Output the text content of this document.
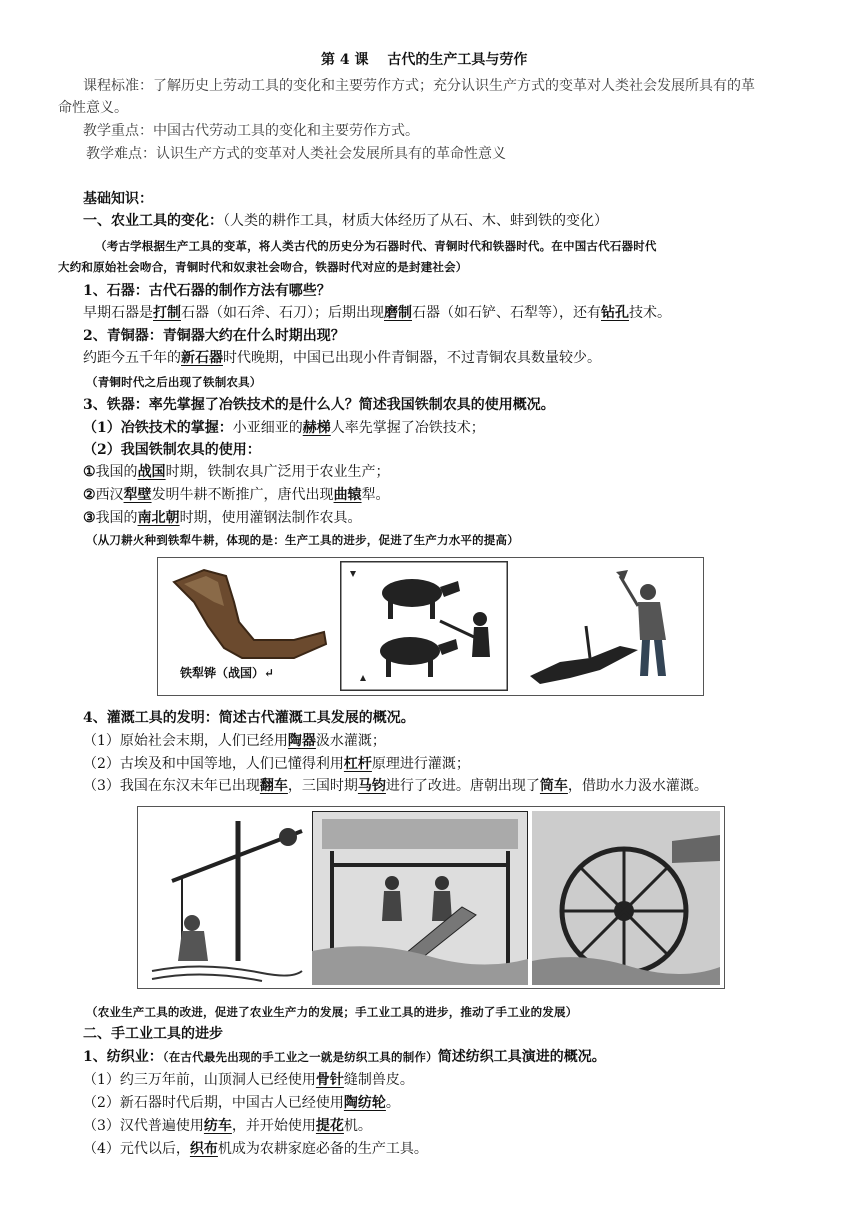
第 4 课　 古代的生产工具与劳作
课程标准：了解历史上劳动工具的变化和主要劳作方式；充分认识生产方式的变革对人类社会发展所具有的革
命性意义。
教学重点：中国古代劳动工具的变化和主要劳作方式。
教学难点：认识生产方式的变革对人类社会发展所具有的革命性意义
基础知识：
一、农业工具的变化：（人类的耕作工具，材质大体经历了从石、木、蚌到铁的变化）
（考古学根据生产工具的变革，将人类古代的历史分为石器时代、青铜时代和铁器时代。在中国古代石器时代
大约和原始社会吻合，青铜时代和奴隶社会吻合，铁器时代对应的是封建社会）
1、石器：古代石器的制作方法有哪些？
早期石器是打制石器（如石斧、石刀）；后期出现磨制石器（如石铲、石犁等），还有钻孔技术。
2、青铜器：青铜器大约在什么时期出现？
约距今五千年的新石器时代晚期，中国已出现小件青铜器，不过青铜农具数量较少。
（青铜时代之后出现了铁制农具）
3、铁器：率先掌握了冶铁技术的是什么人？简述我国铁制农具的使用概况。
（1）冶铁技术的掌握：小亚细亚的赫梯人率先掌握了冶铁技术；
（2）我国铁制农具的使用：
①我国的战国时期，铁制农具广泛用于农业生产；
②西汉犁壁发明牛耕不断推广，唐代出现曲辕犁。
③我国的南北朝时期，使用灌钢法制作农具。
（从刀耕火种到铁犁牛耕，体现的是：生产工具的进步，促进了生产力水平的提高）
铁犁铧（战国）↵
4、灌溉工具的发明：简述古代灌溉工具发展的概况。
（1）原始社会末期，人们已经用陶器汲水灌溉；
（2）古埃及和中国等地，人们已懂得利用杠杆原理进行灌溉；
（3）我国在东汉末年已出现翻车，三国时期马钧进行了改进。唐朝出现了筒车，借助水力汲水灌溉。
（农业生产工具的改进，促进了农业生产力的发展；手工业工具的进步，推动了手工业的发展）
二、手工业工具的进步
1、纺织业：（在古代最先出现的手工业之一就是纺织工具的制作）简述纺织工具演进的概况。
（1）约三万年前，山顶洞人已经使用骨针缝制兽皮。
（2）新石器时代后期，中国古人已经使用陶纺轮。
（3）汉代普遍使用纺车，并开始使用提花机。
（4）元代以后，织布机成为农耕家庭必备的生产工具。
